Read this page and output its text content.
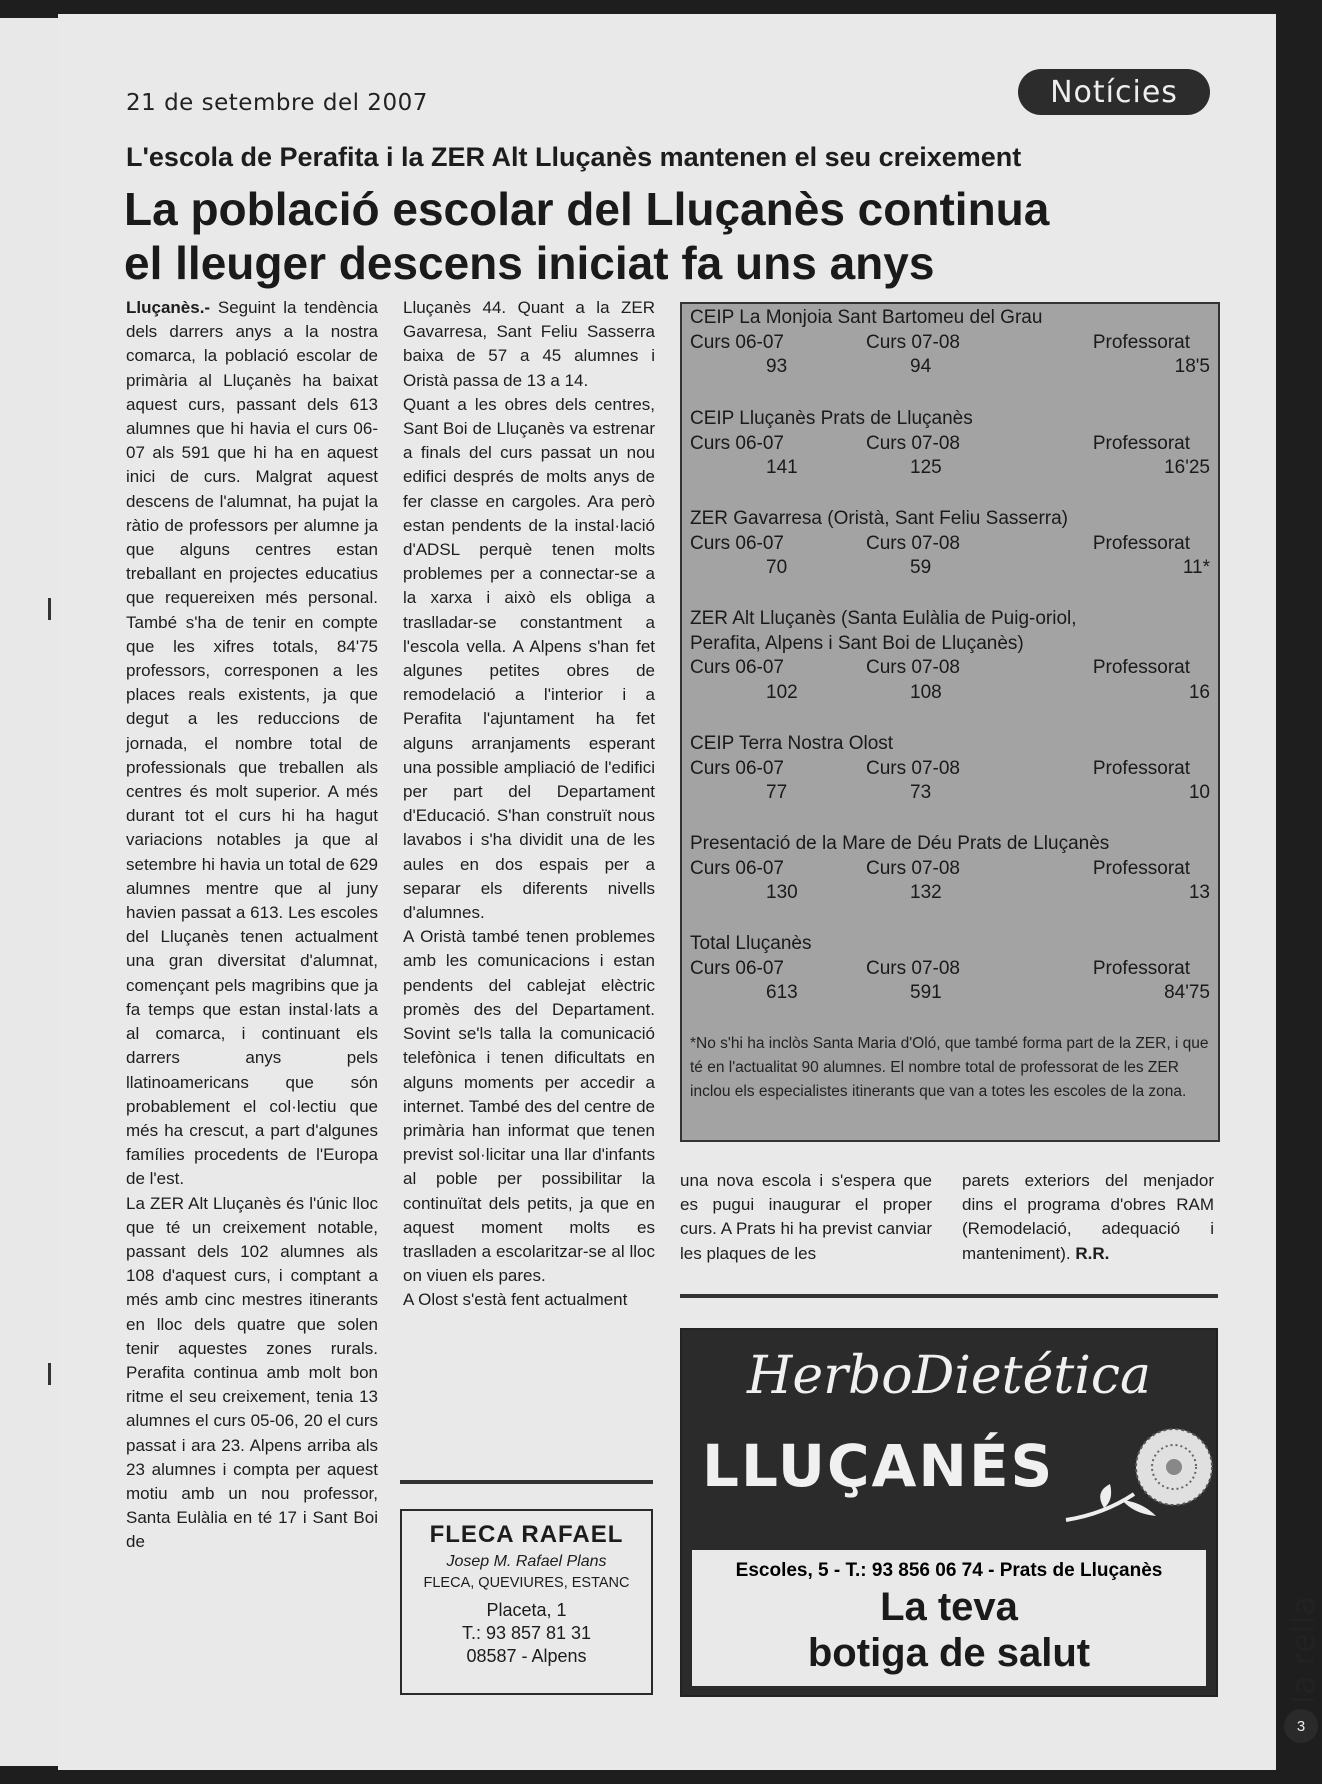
21 de setembre del 2007	Notícies
L'escola de Perafita i la ZER Alt Lluçanès mantenen el seu creixement
La població escolar del Lluçanès continua
el lleuger descens iniciat fa uns anys

Lluçanès.- Seguint la tendència dels darrers anys a la nostra comarca, la població escolar de primària al Lluçanès ha baixat aquest curs, passant dels 613 alumnes que hi havia el curs 06-07 als 591 que hi ha en aquest inici de curs. Malgrat aquest descens de l'alumnat, ha pujat la ràtio de professors per alumne ja que alguns centres estan treballant en projectes educatius que requereixen més personal. També s'ha de tenir en compte que les xifres totals, 84'75 professors, corresponen a les places reals existents, ja que degut a les reduccions de jornada, el nombre total de professionals que treballen als centres és molt superior. A més durant tot el curs hi ha hagut variacions notables ja que al setembre hi havia un total de 629 alumnes mentre que al juny havien passat a 613. Les escoles del Lluçanès tenen actualment una gran diversitat d'alumnat, començant pels magribins que ja fa temps que estan instal·lats a al comarca, i continuant els darrers anys pels llatinoamericans que són probablement el col·lectiu que més ha crescut, a part d'algunes famílies procedents de l'Europa de l'est.

La ZER Alt Lluçanès és l'únic lloc que té un creixement notable, passant dels 102 alumnes als 108 d'aquest curs, i comptant a més amb cinc mestres itinerants en lloc dels quatre que solen tenir aquestes zones rurals. Perafita continua amb molt bon ritme el seu creixement, tenia 13 alumnes el curs 05-06, 20 el curs passat i ara 23. Alpens arriba als 23 alumnes i compta per aquest motiu amb un nou professor, Santa Eulàlia en té 17 i Sant Boi de

Lluçanès 44. Quant a la ZER Gavarresa, Sant Feliu Sasserra baixa de 57 a 45 alumnes i Oristà passa de 13 a 14.

Quant a les obres dels centres, Sant Boi de Lluçanès va estrenar a finals del curs passat un nou edifici després de molts anys de fer classe en cargoles. Ara però estan pendents de la instal·lació d'ADSL perquè tenen molts problemes per a connectar-se a la xarxa i això els obliga a traslladar-se constantment a l'escola vella. A Alpens s'han fet algunes petites obres de remodelació a l'interior i a Perafita l'ajuntament ha fet alguns arranjaments esperant una possible ampliació de l'edifici per part del Departament d'Educació. S'han construït nous lavabos i s'ha dividit una de les aules en dos espais per a separar els diferents nivells d'alumnes.

A Oristà també tenen problemes amb les comunicacions i estan pendents del cablejat elèctric promès des del Departament. Sovint se'ls talla la comunicació telefònica i tenen dificultats en alguns moments per accedir a internet. També des del centre de primària han informat que tenen previst sol·licitar una llar d'infants al poble per possibilitar la continuïtat dels petits, ja que en aquest moment molts es traslladen a escolaritzar-se al lloc on viuen els pares.

A Olost s'està fent actualment

una nova escola i s'espera que es pugui inaugurar el proper curs. A Prats hi ha previst canviar les plaques de les

parets exteriors del menjador dins el programa d'obres RAM (Remodelació, adequació i manteniment). R.R.

*No s'hi ha inclòs Santa Maria d'Oló, que també forma part de la ZER, i que té en l'actualitat 90 alumnes. El nombre total de professorat de les ZER inclou els especialistes itinerants que van a totes les escoles de la zona.
CEIP La Monjoia Sant Bartomeu del Grau
Curs 06-07	Curs 07-08	Professorat
93	94	18'5
CEIP Lluçanès Prats de Lluçanès
Curs 06-07	Curs 07-08	Professorat
141	125	16'25
ZER Gavarresa (Oristà, Sant Feliu Sasserra)
Curs 06-07	Curs 07-08	Professorat
70	59	11*
ZER Alt Lluçanès (Santa Eulàlia de Puig-oriol,
Perafita, Alpens i Sant Boi de Lluçanès)
Curs 06-07	Curs 07-08	Professorat
102	108	16
CEIP Terra Nostra Olost
Curs 06-07	Curs 07-08	Professorat
77	73	10
Presentació de la Mare de Déu Prats de Lluçanès
Curs 06-07	Curs 07-08	Professorat
130	132	13
Total Lluçanès
Curs 06-07	Curs 07-08	Professorat
613	591	84'75
FLECA RAFAEL
Josep M. Rafael Plans
FLECA, QUEVIURES, ESTANC
Placeta, 1
T.: 93 857 81 31
08587 - Alpens
HerboDietética
LLUÇANÉS
Escoles, 5 - T.: 93 856 06 74 - Prats de Lluçanès
La teva
botiga de salut	la rella
3
